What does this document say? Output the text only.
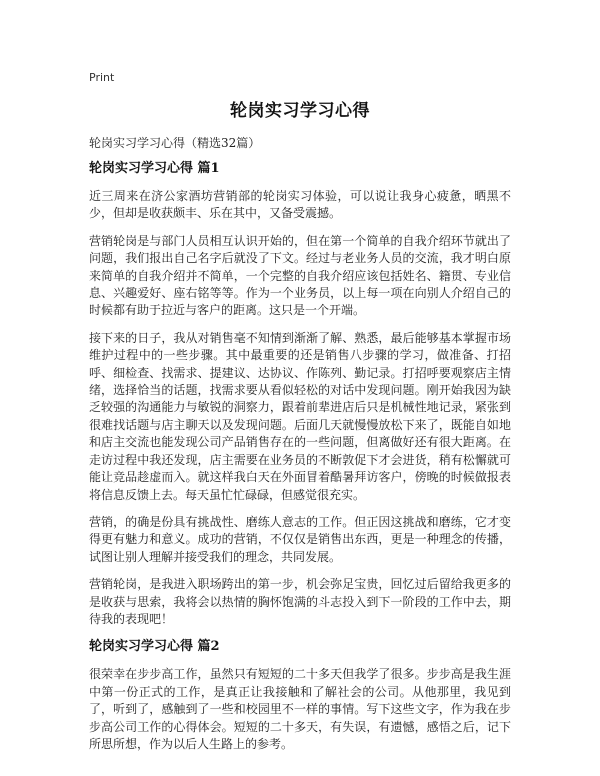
Print
轮岗实习学习心得
轮岗实习学习心得（精选32篇）
轮岗实习学习心得 篇1

近三周来在济公家酒坊营销部的轮岗实习体验，可以说让我身心疲惫，晒黑不少，但却是收获颇丰、乐在其中，又备受震撼。

营销轮岗是与部门人员相互认识开始的，但在第一个简单的自我介绍环节就出了问题，我们报出自己名字后就没了下文。经过与老业务人员的交流，我才明白原来简单的自我介绍并不简单，一个完整的自我介绍应该包括姓名、籍贯、专业信息、兴趣爱好、座右铭等等。作为一个业务员，以上每一项在向别人介绍自己的时候都有助于拉近与客户的距离。这只是一个开端。

接下来的日子，我从对销售毫不知情到渐渐了解、熟悉，最后能够基本掌握市场维护过程中的一些步骤。其中最重要的还是销售八步骤的学习，做准备、打招呼、细检查、找需求、提建议、达协议、作陈列、勤记录。打招呼要观察店主情绪，选择恰当的话题，找需求要从看似轻松的对话中发现问题。刚开始我因为缺乏较强的沟通能力与敏锐的洞察力，跟着前辈进店后只是机械性地记录，紧张到很难找话题与店主聊天以及发现问题。后面几天就慢慢放松下来了，既能自如地和店主交流也能发现公司产品销售存在的一些问题，但离做好还有很大距离。在走访过程中我还发现，店主需要在业务员的不断敦促下才会进货，稍有松懈就可能让竞品趁虚而入。就这样我白天在外面冒着酷暑拜访客户，傍晚的时候做报表将信息反馈上去。每天虽忙忙碌碌，但感觉很充实。

营销，的确是份具有挑战性、磨练人意志的工作。但正因这挑战和磨练，它才变得更有魅力和意义。成功的营销，不仅仅是销售出东西，更是一种理念的传播，试图让别人理解并接受我们的理念，共同发展。

营销轮岗，是我进入职场跨出的第一步，机会弥足宝贵，回忆过后留给我更多的是收获与思索，我将会以热情的胸怀饱满的斗志投入到下一阶段的工作中去，期待我的表现吧！

轮岗实习学习心得 篇2

很荣幸在步步高工作，虽然只有短短的二十多天但我学了很多。步步高是我生涯中第一份正式的工作，是真正让我接触和了解社会的公司。从他那里，我见到了，听到了，感触到了一些和校园里不一样的事情。写下这些文字，作为我在步步高公司工作的心得体会。短短的二十多天，有失误，有遗憾，感悟之后，记下所思所想，作为以后人生路上的参考。
